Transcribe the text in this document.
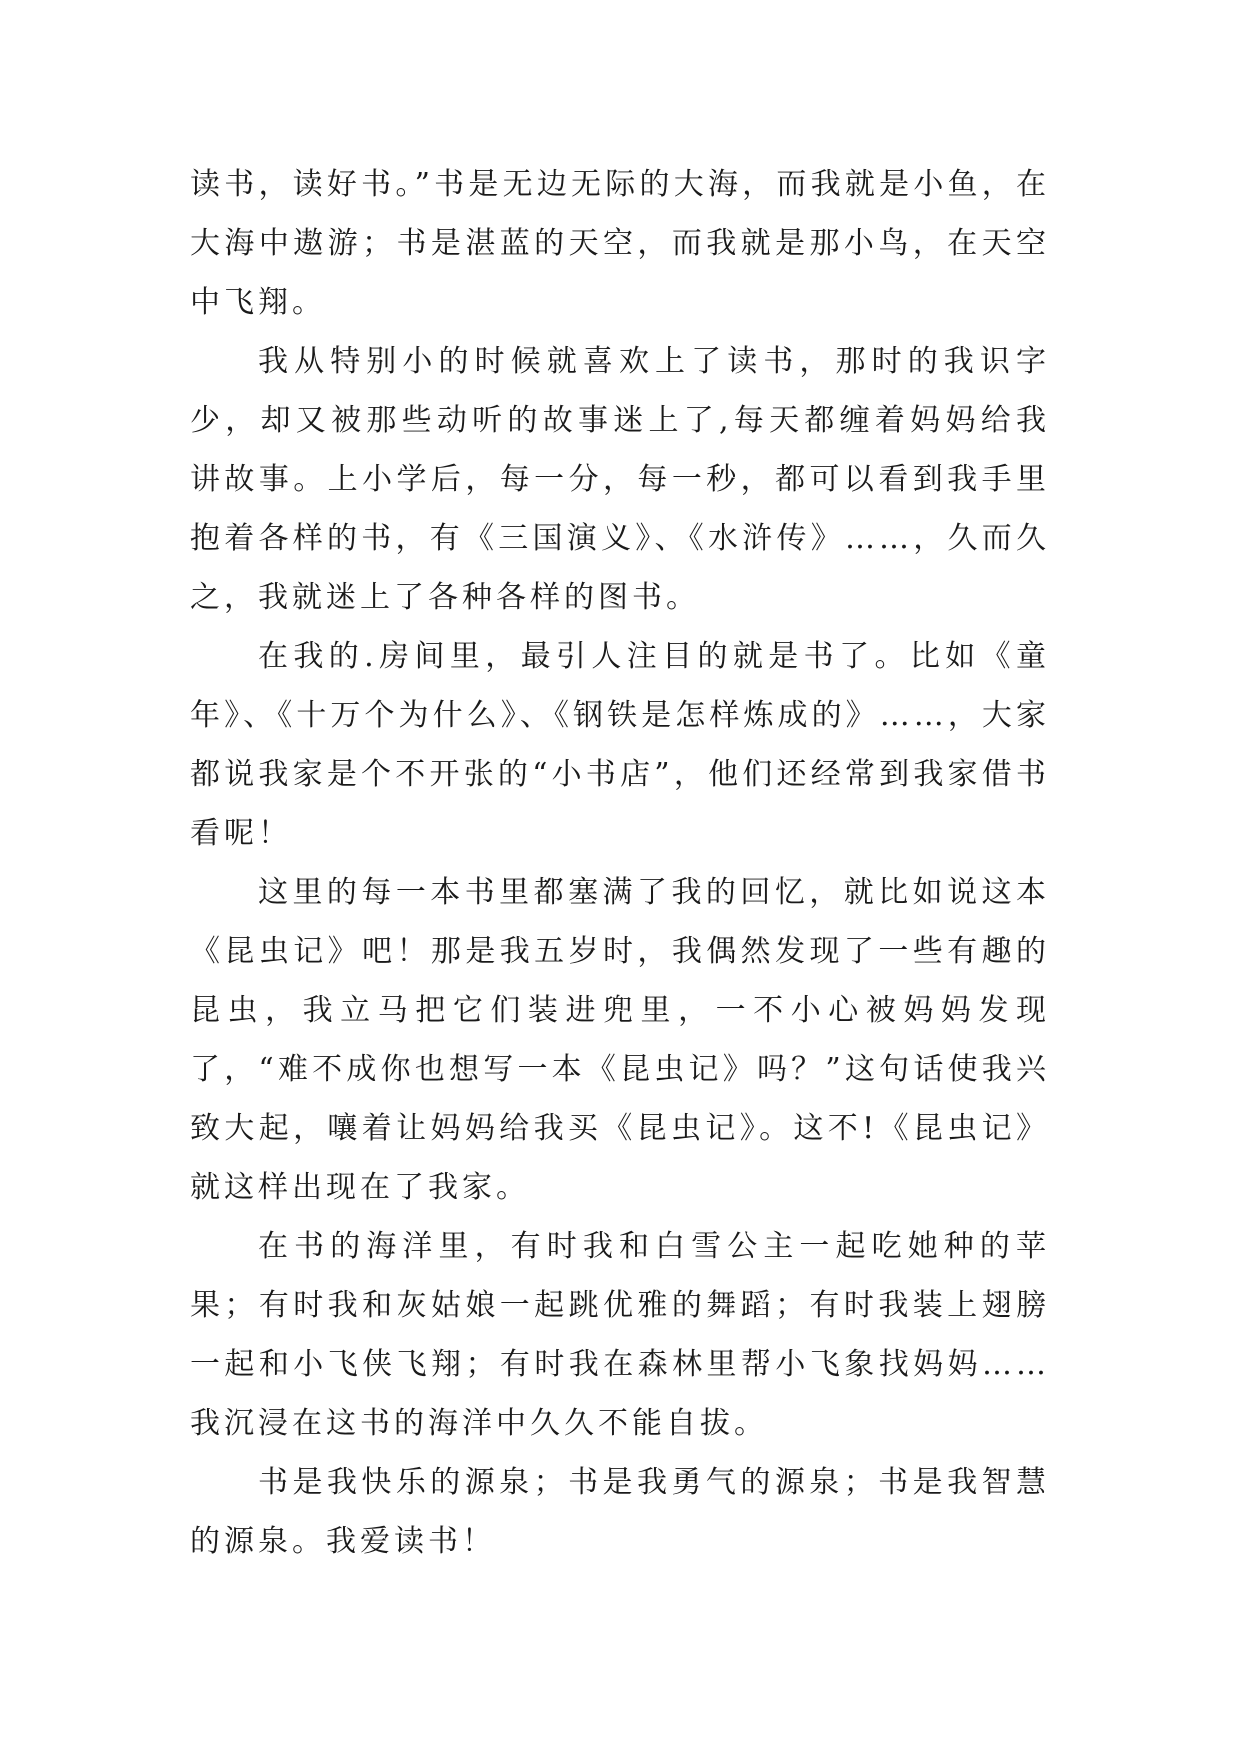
读书，读好书。”书是无边无际的大海，而我就是小鱼，在大海中遨游；书是湛蓝的天空，而我就是那小鸟，在天空中飞翔。

我从特别小的时候就喜欢上了读书，那时的我识字少，却又被那些动听的故事迷上了,每天都缠着妈妈给我讲故事。上小学后，每一分，每一秒，都可以看到我手里抱着各样的书，有《三国演义》、《水浒传》……，久而久之，我就迷上了各种各样的图书。

在我的.房间里，最引人注目的就是书了。比如《童年》、《十万个为什么》、《钢铁是怎样炼成的》……，大家都说我家是个不开张的“小书店”，他们还经常到我家借书看呢！

这里的每一本书里都塞满了我的回忆，就比如说这本《昆虫记》吧！那是我五岁时，我偶然发现了一些有趣的昆虫，我立马把它们装进兜里，一不小心被妈妈发现了，“难不成你也想写一本《昆虫记》吗？”这句话使我兴致大起，嚷着让妈妈给我买《昆虫记》。这不!《昆虫记》就这样出现在了我家。

在书的海洋里，有时我和白雪公主一起吃她种的苹果；有时我和灰姑娘一起跳优雅的舞蹈；有时我装上翅膀一起和小飞侠飞翔；有时我在森林里帮小飞象找妈妈……我沉浸在这书的海洋中久久不能自拔。

书是我快乐的源泉；书是我勇气的源泉；书是我智慧的源泉。我爱读书！
